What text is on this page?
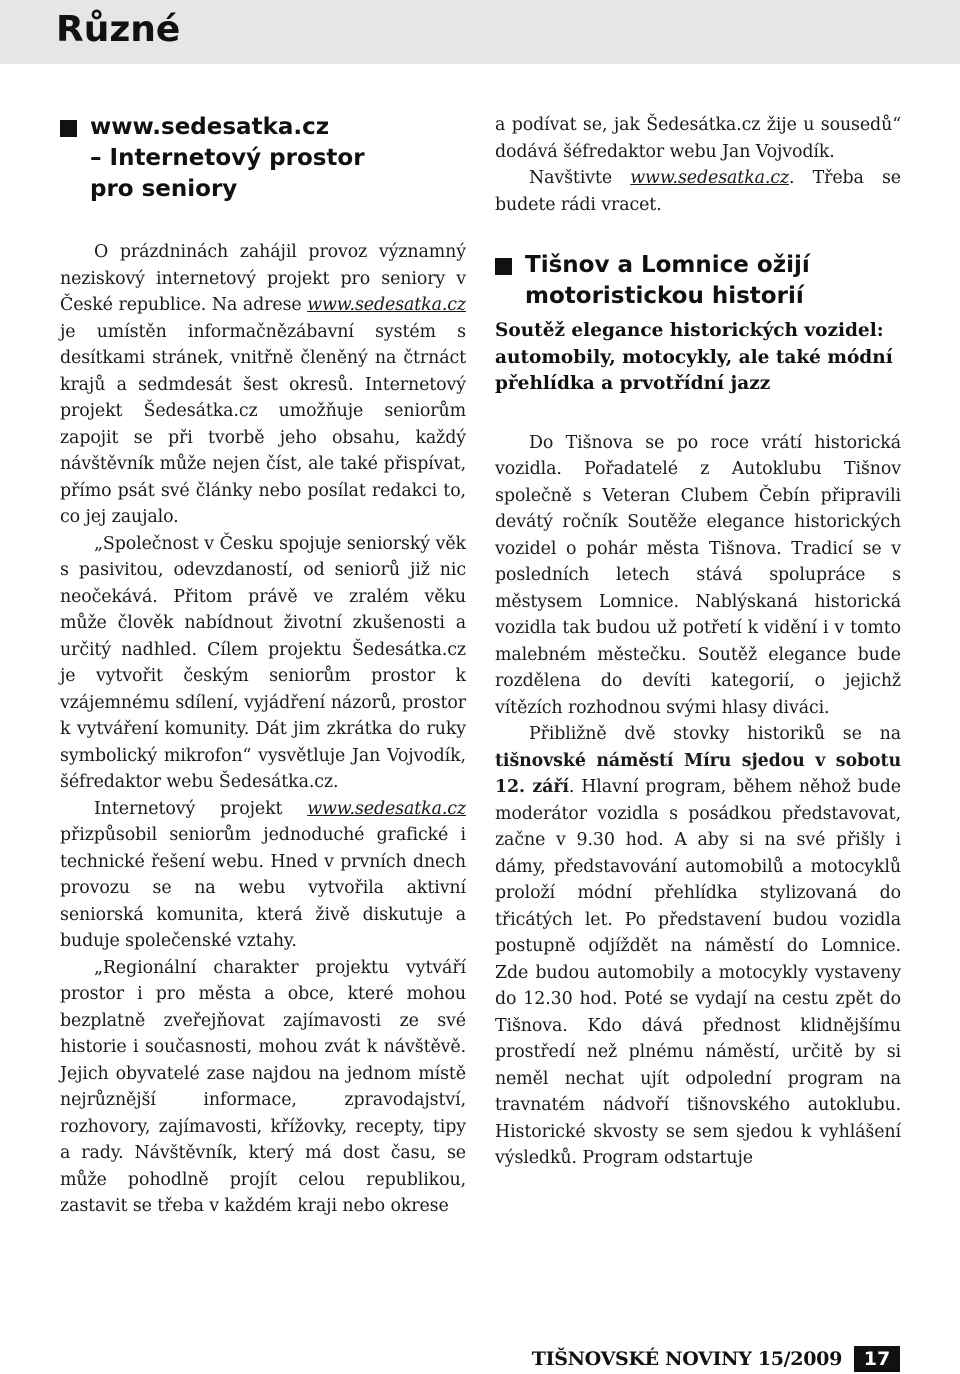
Různé
www.sedesatka.cz
– Internetový prostor
pro seniory

O prázdninách zahájil provoz významný neziskový internetový projekt pro seniory v České republice. Na adrese www.sedesatka.cz je umístěn informačnězábavní systém s desítkami stránek, vnitřně členěný na čtrnáct krajů a sedmdesát šest okresů. Internetový projekt Šedesátka.cz umožňuje seniorům zapojit se při tvorbě jeho obsahu, každý návštěvník může nejen číst, ale také přispívat, přímo psát své články nebo posílat redakci to, co jej zaujalo.

„Společnost v Česku spojuje seniorský věk s pasivitou, odevzdaností, od seniorů již nic neočekává. Přitom právě ve zralém věku může člověk nabídnout životní zkušenosti a určitý nadhled. Cílem projektu Šedesátka.cz je vytvořit českým seniorům prostor k vzájemnému sdílení, vyjádření názorů, prostor k vytváření komunity. Dát jim zkrátka do ruky symbolický mikrofon“ vysvětluje Jan Vojvodík, šéfredaktor webu Šedesátka.cz.

Internetový projekt www.sedesatka.cz přizpůsobil seniorům jednoduché grafické i technické řešení webu. Hned v prvních dnech provozu se na webu vytvořila aktivní seniorská komunita, která živě diskutuje a buduje společenské vztahy.

„Regionální charakter projektu vytváří prostor i pro města a obce, které mohou bezplatně zveřejňovat zajímavosti ze své historie i současnosti, mohou zvát k návštěvě. Jejich obyvatelé zase najdou na jednom místě nejrůznější informace, zpravodajství, rozhovory, zajímavosti, křížovky, recepty, tipy a rady. Návštěvník, který má dost času, se může pohodlně projít celou republikou, zastavit se třeba v každém kraji nebo okrese

a podívat se, jak Šedesátka.cz žije u sousedů“ dodává šéfredaktor webu Jan Vojvodík.

Navštivte www.sedesatka.cz. Třeba se budete rádi vracet.

Tišnov a Lomnice ožijí
motoristickou historií

Soutěž elegance historických vozidel: automobily, motocykly, ale také módní přehlídka a prvotřídní jazz

Do Tišnova se po roce vrátí historická vozidla. Pořadatelé z Autoklubu Tišnov společně s Veteran Clubem Čebín připravili devátý ročník Soutěže elegance historických vozidel o pohár města Tišnova. Tradicí se v posledních letech stává spolupráce s městysem Lomnice. Nablýskaná historická vozidla tak budou už potřetí k vidění i v tomto malebném městečku. Soutěž elegance bude rozdělena do devíti kategorií, o jejichž vítězích rozhodnou svými hlasy diváci.

Přibližně dvě stovky historiků se na tišnovské náměstí Míru sjedou v sobotu 12. září. Hlavní program, během něhož bude moderátor vozidla s posádkou představovat, začne v 9.30 hod. A aby si na své přišly i dámy, představování automobilů a motocyklů proloží módní přehlídka stylizovaná do třicátých let. Po představení budou vozidla postupně odjíždět na náměstí do Lomnice. Zde budou automobily a motocykly vystaveny do 12.30 hod. Poté se vydají na cestu zpět do Tišnova. Kdo dává přednost klidnějšímu prostředí než plnému náměstí, určitě by si neměl nechat ujít odpolední program na travnatém nádvoří tišnovského autoklubu. Historické skvosty se sem sjedou k vyhlášení výsledků. Program odstartuje

TIŠNOVSKÉ NOVINY 15/2009	17
